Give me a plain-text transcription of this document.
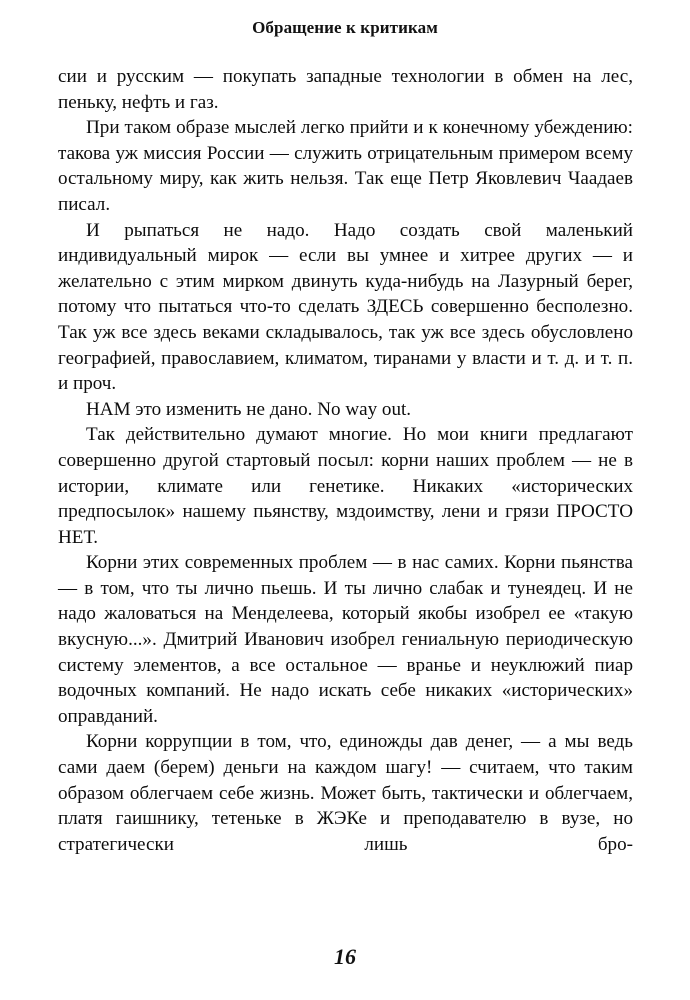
Обращение к критикам

сии и русским — покупать западные технологии в обмен на лес, пеньку, нефть и газ.

При таком образе мыслей легко прийти и к конечному убеждению: такова уж миссия России — служить отрицательным примером всему остальному миру, как жить нельзя. Так еще Петр Яковлевич Чаадаев писал.

И рыпаться не надо. Надо создать свой маленький индивидуальный мирок — если вы умнее и хитрее других — и желательно с этим мирком двинуть куда-нибудь на Лазурный берег, потому что пытаться что-то сделать ЗДЕСЬ совершенно бесполезно. Так уж все здесь веками складывалось, так уж все здесь обусловлено географией, православием, климатом, тиранами у власти и т. д. и т. п. и проч.

НАМ это изменить не дано. No way out.

Так действительно думают многие. Но мои книги предлагают совершенно другой стартовый посыл: корни наших проблем — не в истории, климате или генетике. Никаких «исторических предпосылок» нашему пьянству, мздоимству, лени и грязи ПРОСТО НЕТ.

Корни этих современных проблем — в нас самих. Корни пьянства — в том, что ты лично пьешь. И ты лично слабак и тунеядец. И не надо жаловаться на Менделеева, который якобы изобрел ее «такую вкусную...». Дмитрий Иванович изобрел гениальную периодическую систему элементов, а все остальное — вранье и неуклюжий пиар водочных компаний. Не надо искать себе никаких «исторических» оправданий.

Корни коррупции в том, что, единожды дав денег, — а мы ведь сами даем (берем) деньги на каждом шагу! — считаем, что таким образом облегчаем себе жизнь. Может быть, тактически и облегчаем, платя гаишнику, тетеньке в ЖЭКе и преподавателю в вузе, но стратегически лишь бро-

16
